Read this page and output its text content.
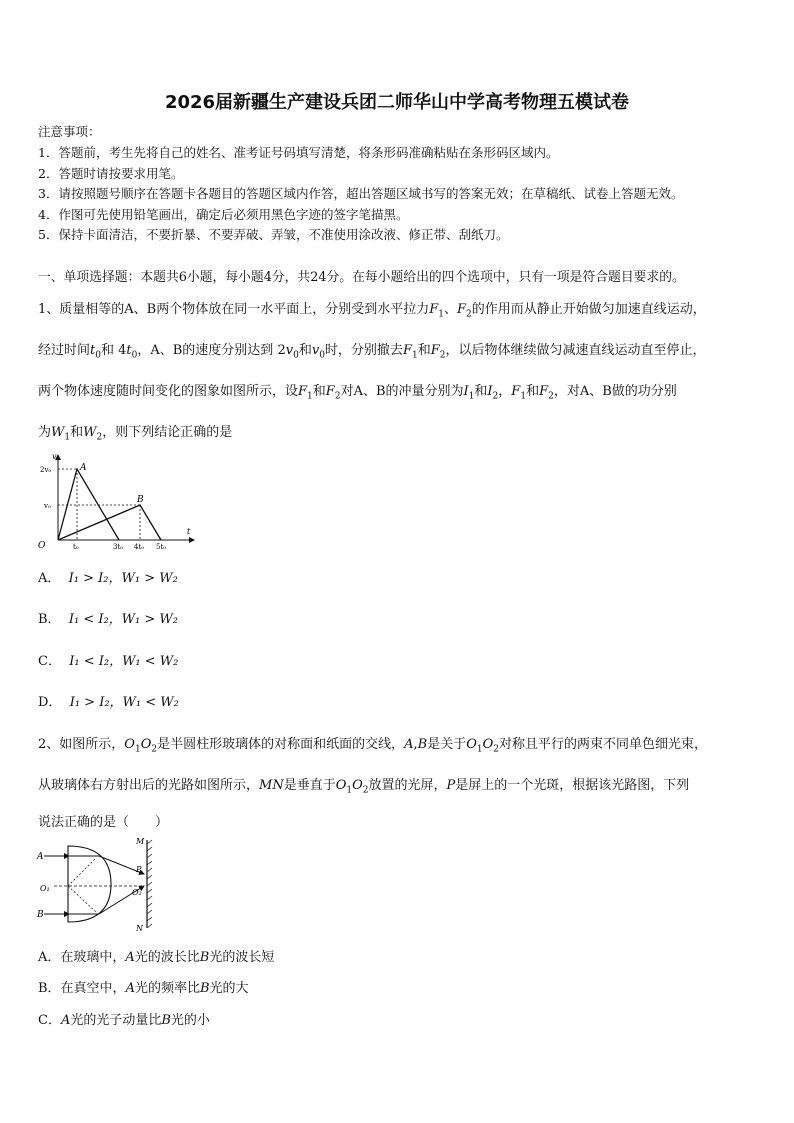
2026届新疆生产建设兵团二师华山中学高考物理五模试卷
注意事项：
1．答题前，考生先将自己的姓名、准考证号码填写清楚，将条形码准确粘贴在条形码区域内。
2．答题时请按要求用笔。
3．请按照题号顺序在答题卡各题目的答题区域内作答，超出答题区域书写的答案无效；在草稿纸、试卷上答题无效。
4．作图可先使用铅笔画出，确定后必须用黑色字迹的签字笔描黑。
5．保持卡面清洁，不要折暴、不要弄破、弄皱，不准使用涂改液、修正带、刮纸刀。
一、单项选择题：本题共6小题，每小题4分，共24分。在每小题给出的四个选项中，只有一项是符合题目要求的。
1、质量相等的A、B两个物体放在同一水平面上，分别受到水平拉力$F_1$、$F_2$的作用而从静止开始做匀加速直线运动，
经过时间$t_0$和 $4t_0$，A、B的速度分别达到 $2v_0$和$v_0$时，分别撤去$F_1$和$F_2$，以后物体继续做匀减速直线运动直至停止，
两个物体速度随时间变化的图象如图所示，设$F_1$和$F_2$对A、B的冲量分别为$I_1$和$I_2$，$F_1$和$F_2$，对A、B做的功分别
为$W_1$和$W_2$，则下列结论正确的是
v
t
O
2v₀
v₀
t₀	3t₀ 4t₀ 5t₀
A
B
A． I₁ > I₂，W₁ > W₂
B． I₁ < I₂，W₁ > W₂
C． I₁ < I₂，W₁ < W₂
D． I₁ > I₂，W₁ < W₂
2、如图所示，$O_1O_2$是半圆柱形玻璃体的对称面和纸面的交线，A,B是关于$O_1O_2$对称且平行的两束不同单色细光束，
从玻璃体右方射出后的光路如图所示，MN是垂直于$O_1O_2$放置的光屏，P是屏上的一个光斑，根据该光路图，下列
说法正确的是（　　）
A
B
O₁	O₂
M
N
P
A．在玻璃中，A光的波长比B光的波长短
B．在真空中，A光的频率比B光的大
C．A光的光子动量比B光的小
